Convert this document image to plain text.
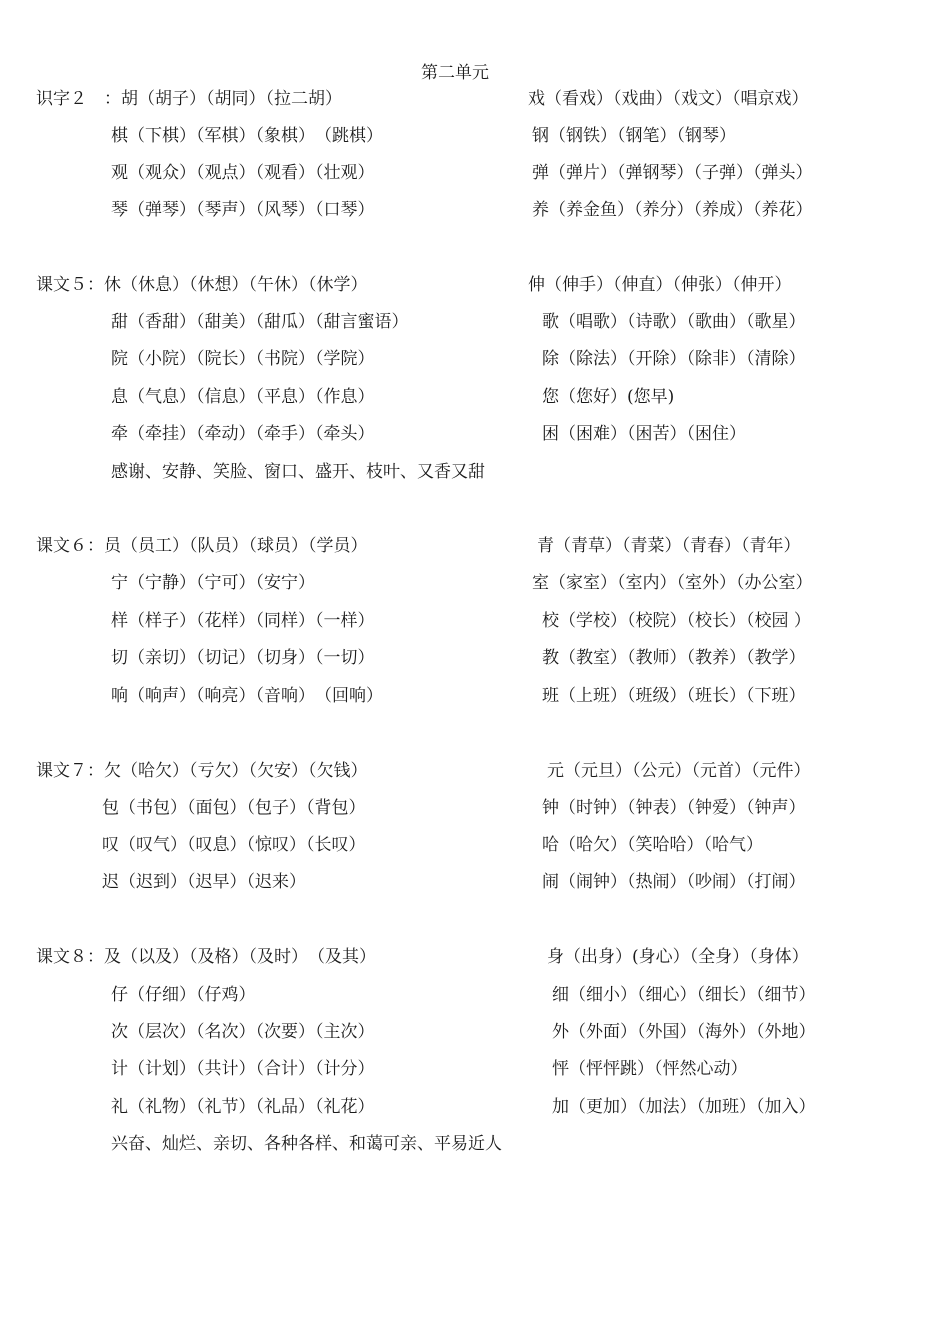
第二单元
识字２　：胡（胡子）（胡同）（拉二胡）	戏（看戏）（戏曲）（戏文）（唱京戏）
棋（下棋）（军棋）（象棋）　（跳棋）	钢（钢铁）（钢笔）（钢琴）
观（观众）（观点）（观看）（壮观）	弹（弹片）（弹钢琴）（子弹）（弹头）
琴（弹琴）（琴声）（风琴）（口琴）	养（养金鱼）（养分）（养成）（养花）
课文５：休（休息）（休想）（午休）（休学）	伸（伸手）（伸直）（伸张）（伸开）
甜（香甜）（甜美）（甜瓜）（甜言蜜语）	歌（唱歌）（诗歌）（歌曲）（歌星）
院（小院）（院长）（书院）（学院）	除（除法）（开除）（除非）（清除）
息（气息）（信息）（平息）（作息）	您（您好）(您早)
牵（牵挂）（牵动）（牵手）（牵头）	困（困难）（困苦）（困住）
感谢、安静、笑脸、窗口、盛开、枝叶、又香又甜
课文６：员（员工）（队员）（球员）（学员）	青（青草）（青菜）（青春）（青年）
宁（宁静）（宁可）（安宁）	室（家室）（室内）（室外）（办公室）
样（样子）（花样）（同样）（一样）	校（学校）（校院）（校长）（校园 ）
切（亲切）（切记）（切身）（一切）	教（教室）（教师）（教养）（教学）
响（响声）（响亮）（音响）　（回响）	班（上班）（班级）（班长）（下班）
课文７：欠（哈欠）（亏欠）（欠安）（欠钱）	元（元旦）（公元）（元首）（元件）
包（书包）（面包）（包子）（背包）	钟（时钟）（钟表）（钟爱）（钟声）
叹（叹气）（叹息）（惊叹）（长叹）	哈（哈欠）（笑哈哈）（哈气）
迟（迟到）（迟早）（迟来）	闹（闹钟）（热闹）（吵闹）（打闹）
课文８：及（以及）（及格）（及时）　（及其）	身（出身）(身心）（全身）（身体）
仔（仔细）（仔鸡）	细（细小）（细心）（细长）（细节）
次（层次）（名次）（次要）（主次）	外（外面）（外国）（海外）（外地）
计（计划）（共计）（合计）（计分）	怦（怦怦跳）（怦然心动）
礼（礼物）（礼节）（礼品）（礼花）	加（更加）（加法）（加班）（加入）
兴奋、灿烂、亲切、各种各样、和蔼可亲、平易近人
